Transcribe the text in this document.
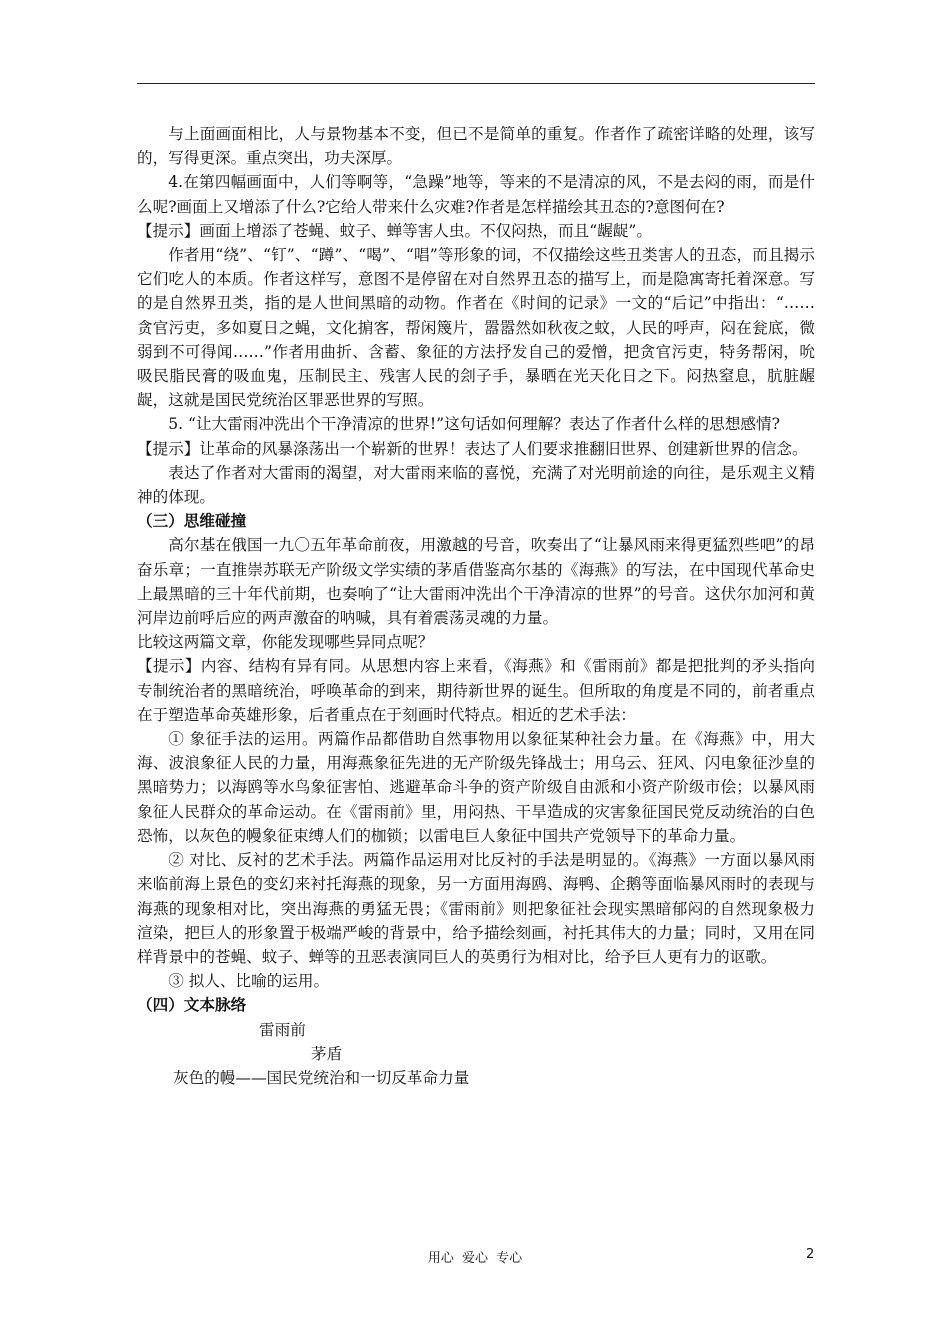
与上面画面相比，人与景物基本不变，但已不是简单的重复。作者作了疏密详略的处理，该写的，写得更深。重点突出，功夫深厚。

4.在第四幅画面中，人们等啊等，“急躁”地等，等来的不是清凉的风，不是去闷的雨，而是什么呢?画面上又增添了什么?它给人带来什么灾难?作者是怎样描绘其丑态的?意图何在?

【提示】画面上增添了苍蝇、蚊子、蝉等害人虫。不仅闷热，而且“龌龊”。

作者用“绕”、“钉”、“蹲”、“喝”、“唱”等形象的词，不仅描绘这些丑类害人的丑态，而且揭示它们吃人的本质。作者这样写，意图不是停留在对自然界丑态的描写上，而是隐寓寄托着深意。写的是自然界丑类，指的是人世间黑暗的动物。作者在《时间的记录》一文的“后记”中指出：“……贪官污吏，多如夏日之蝇，文化掮客，帮闲篾片，嚣嚣然如秋夜之蚊，人民的呼声，闷在瓮底，微弱到不可得闻……”作者用曲折、含蓄、象征的方法抒发自己的爱憎，把贪官污吏，特务帮闲，吮吸民脂民膏的吸血鬼，压制民主、残害人民的刽子手，暴晒在光天化日之下。闷热窒息，肮脏龌龊，这就是国民党统治区罪恶世界的写照。

5. “让大雷雨冲洗出个干净清凉的世界!”这句话如何理解？表达了作者什么样的思想感情?

【提示】让革命的风暴涤荡出一个崭新的世界！表达了人们要求推翻旧世界、创建新世界的信念。

表达了作者对大雷雨的渴望，对大雷雨来临的喜悦，充满了对光明前途的向往，是乐观主义精神的体现。

（三）思维碰撞

高尔基在俄国一九〇五年革命前夜，用激越的号音，吹奏出了“让暴风雨来得更猛烈些吧”的昂奋乐章；一直推崇苏联无产阶级文学实绩的茅盾借鉴高尔基的《海燕》的写法，在中国现代革命史上最黑暗的三十年代前期，也奏响了“让大雷雨冲洗出个干净清凉的世界”的号音。这伏尔加河和黄河岸边前呼后应的两声激奋的呐喊，具有着震荡灵魂的力量。

比较这两篇文章，你能发现哪些异同点呢？

【提示】内容、结构有异有同。从思想内容上来看，《海燕》和《雷雨前》都是把批判的矛头指向专制统治者的黑暗统治，呼唤革命的到来，期待新世界的诞生。但所取的角度是不同的，前者重点在于塑造革命英雄形象，后者重点在于刻画时代特点。相近的艺术手法：

① 象征手法的运用。两篇作品都借助自然事物用以象征某种社会力量。在《海燕》中，用大海、波浪象征人民的力量，用海燕象征先进的无产阶级先锋战士；用乌云、狂风、闪电象征沙皇的黑暗势力；以海鸥等水鸟象征害怕、逃避革命斗争的资产阶级自由派和小资产阶级市侩；以暴风雨象征人民群众的革命运动。在《雷雨前》里，用闷热、干旱造成的灾害象征国民党反动统治的白色恐怖，以灰色的幔象征束缚人们的枷锁；以雷电巨人象征中国共产党领导下的革命力量。

② 对比、反衬的艺术手法。两篇作品运用对比反衬的手法是明显的。《海燕》一方面以暴风雨来临前海上景色的变幻来衬托海燕的现象，另一方面用海鸥、海鸭、企鹅等面临暴风雨时的表现与海燕的现象相对比，突出海燕的勇猛无畏；《雷雨前》则把象征社会现实黑暗郁闷的自然现象极力渲染，把巨人的形象置于极端严峻的背景中，给予描绘刻画，衬托其伟大的力量；同时，又用在同样背景中的苍蝇、蚊子、蝉等的丑恶表演同巨人的英勇行为相对比，给予巨人更有力的讴歌。

③ 拟人、比喻的运用。

（四）文本脉络

雷雨前

茅盾

灰色的幔——国民党统治和一切反革命力量

用心 爱心 专心	2
